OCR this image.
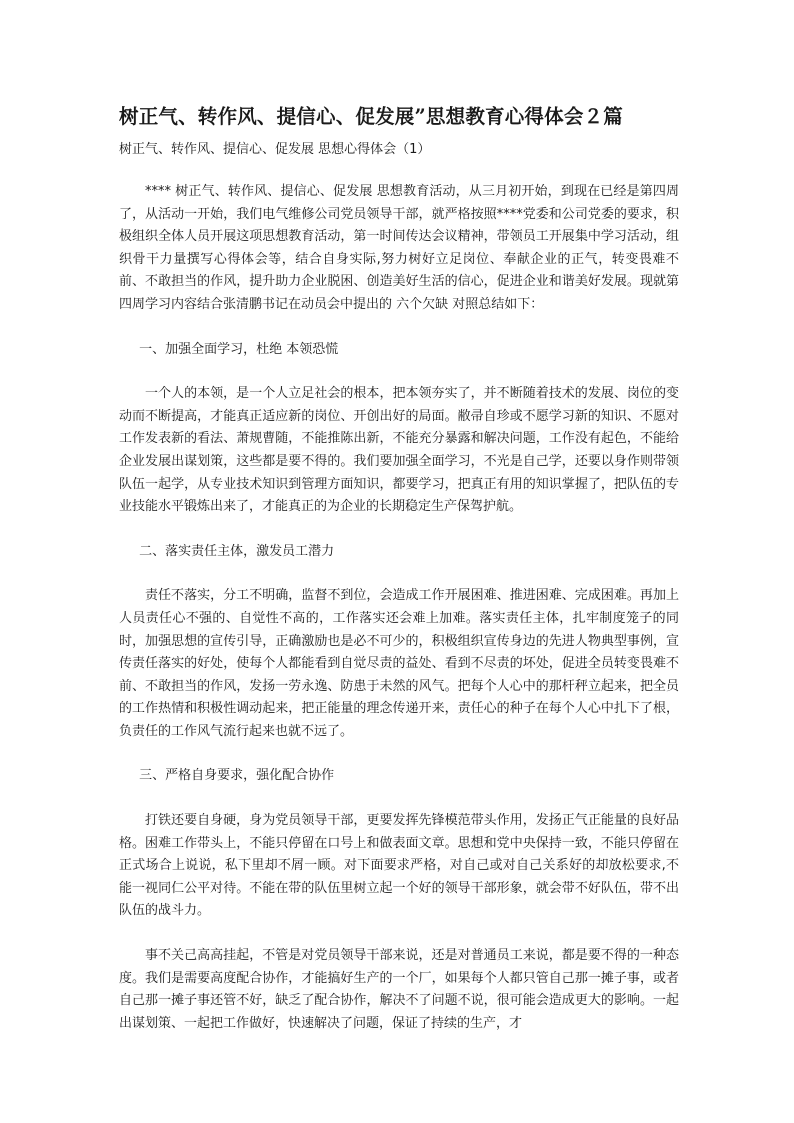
树正气、转作风、提信心、促发展”思想教育心得体会２篇

树正气、转作风、提信心、促发展 思想心得体会（1）

**** 树正气、转作风、提信心、促发展 思想教育活动，从三月初开始，到现在已经是第四周了，从活动一开始，我们电气维修公司党员领导干部，就严格按照****党委和公司党委的要求，积极组织全体人员开展这项思想教育活动，第一时间传达会议精神，带领员工开展集中学习活动，组织骨干力量撰写心得体会等，结合自身实际,努力树好立足岗位、奉献企业的正气，转变畏难不前、不敢担当的作风，提升助力企业脱困、创造美好生活的信心，促进企业和谐美好发展。现就第四周学习内容结合张清鹏书记在动员会中提出的 六个欠缺 对照总结如下：

一、加强全面学习，杜绝 本领恐慌

一个人的本领，是一个人立足社会的根本，把本领夯实了，并不断随着技术的发展、岗位的变动而不断提高，才能真正适应新的岗位、开创出好的局面。敝帚自珍或不愿学习新的知识、不愿对工作发表新的看法、萧规曹随，不能推陈出新，不能充分暴露和解决问题，工作没有起色，不能给企业发展出谋划策，这些都是要不得的。我们要加强全面学习，不光是自己学，还要以身作则带领队伍一起学，从专业技术知识到管理方面知识，都要学习，把真正有用的知识掌握了，把队伍的专业技能水平锻炼出来了，才能真正的为企业的长期稳定生产保驾护航。

二、落实责任主体，激发员工潜力

责任不落实，分工不明确，监督不到位，会造成工作开展困难、推进困难、完成困难。再加上人员责任心不强的、自觉性不高的，工作落实还会难上加难。落实责任主体，扎牢制度笼子的同时，加强思想的宣传引导，正确激励也是必不可少的，积极组织宣传身边的先进人物典型事例，宣传责任落实的好处，使每个人都能看到自觉尽责的益处、看到不尽责的坏处，促进全员转变畏难不前、不敢担当的作风，发扬一劳永逸、防患于未然的风气。把每个人心中的那杆秤立起来，把全员的工作热情和积极性调动起来，把正能量的理念传递开来，责任心的种子在每个人心中扎下了根，负责任的工作风气流行起来也就不远了。

三、严格自身要求，强化配合协作

打铁还要自身硬，身为党员领导干部，更要发挥先锋模范带头作用，发扬正气正能量的良好品格。困难工作带头上，不能只停留在口号上和做表面文章。思想和党中央保持一致，不能只停留在正式场合上说说，私下里却不屑一顾。对下面要求严格，对自己或对自己关系好的却放松要求,不能一视同仁公平对待。不能在带的队伍里树立起一个好的领导干部形象，就会带不好队伍，带不出队伍的战斗力。

事不关己高高挂起，不管是对党员领导干部来说，还是对普通员工来说，都是要不得的一种态度。我们是需要高度配合协作，才能搞好生产的一个厂，如果每个人都只管自己那一摊子事，或者自己那一摊子事还管不好，缺乏了配合协作，解决不了问题不说，很可能会造成更大的影响。一起出谋划策、一起把工作做好，快速解决了问题，保证了持续的生产，才
